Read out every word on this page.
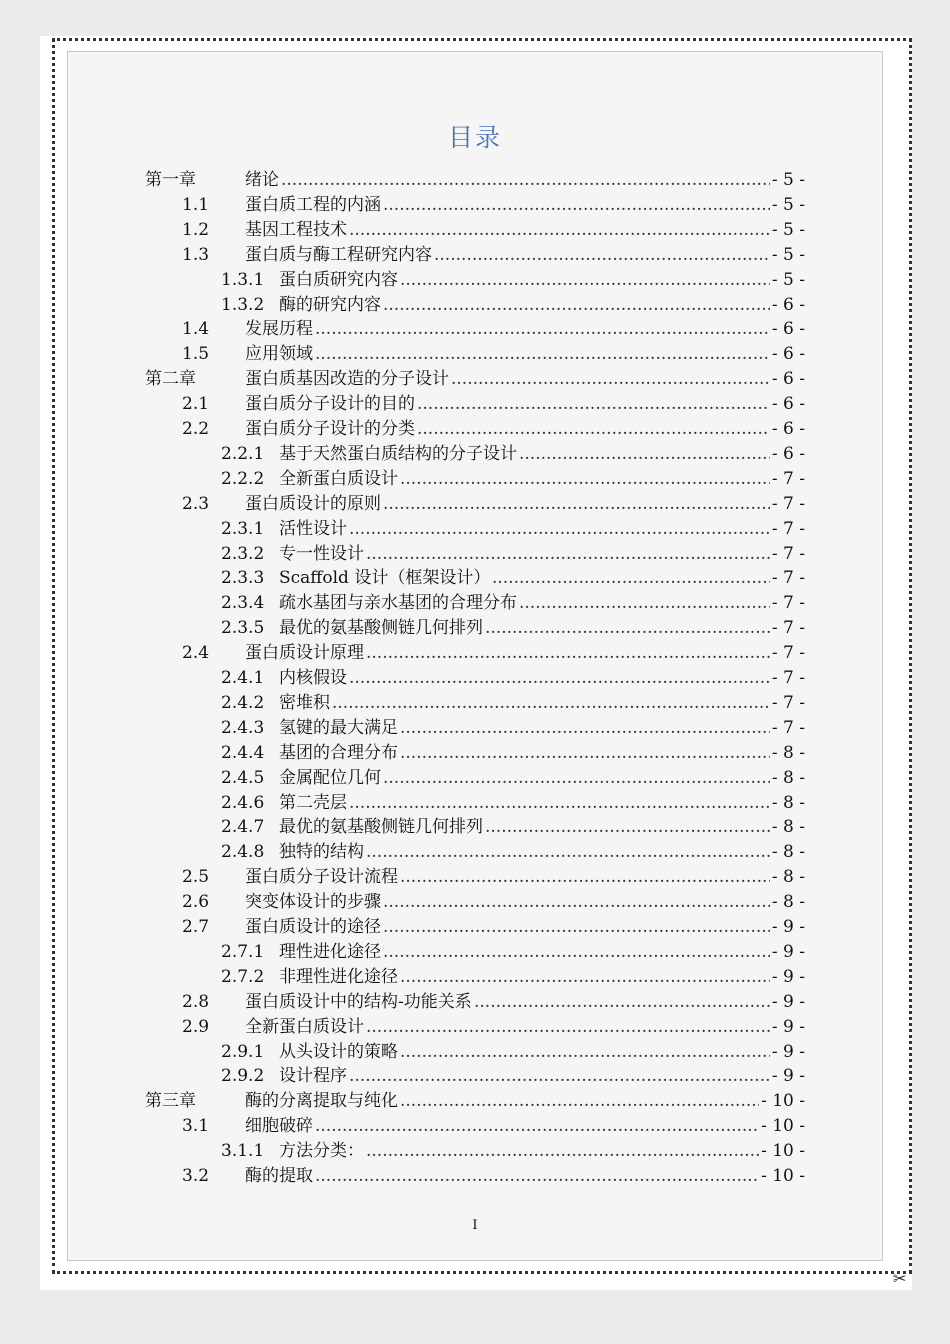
目录
第一章	绪论 .....	- 5 -
1.1 蛋白质工程的内涵 .....	- 5 -
1.2 基因工程技术 .....	- 5 -
1.3 蛋白质与酶工程研究内容 .....	- 5 -
1.3.1 蛋白质研究内容 .....	- 5 -
1.3.2 酶的研究内容 .....	- 6 -
1.4 发展历程 .....	- 6 -
1.5 应用领域 .....	- 6 -
第二章	蛋白质基因改造的分子设计 .....	- 6 -
2.1 蛋白质分子设计的目的 .....	- 6 -
2.2 蛋白质分子设计的分类 .....	- 6 -
2.2.1 基于天然蛋白质结构的分子设计 .....	- 6 -
2.2.2 全新蛋白质设计 .....	- 7 -
2.3 蛋白质设计的原则 .....	- 7 -
2.3.1 活性设计 .....	- 7 -
2.3.2 专一性设计 .....	- 7 -
2.3.3 Scaffold 设计（框架设计） .....	- 7 -
2.3.4 疏水基团与亲水基团的合理分布 .....	- 7 -
2.3.5 最优的氨基酸侧链几何排列 .....	- 7 -
2.4 蛋白质设计原理 .....	- 7 -
2.4.1 内核假设 .....	- 7 -
2.4.2 密堆积 .....	- 7 -
2.4.3 氢键的最大满足 .....	- 7 -
2.4.4 基团的合理分布 .....	- 8 -
2.4.5 金属配位几何 .....	- 8 -
2.4.6 第二壳层 .....	- 8 -
2.4.7 最优的氨基酸侧链几何排列 .....	- 8 -
2.4.8 独特的结构 .....	- 8 -
2.5 蛋白质分子设计流程 .....	- 8 -
2.6 突变体设计的步骤 .....	- 8 -
2.7 蛋白质设计的途径 .....	- 9 -
2.7.1 理性进化途径 .....	- 9 -
2.7.2 非理性进化途径 .....	- 9 -
2.8 蛋白质设计中的结构-功能关系 .....	- 9 -
2.9 全新蛋白质设计 .....	- 9 -
2.9.1 从头设计的策略 .....	- 9 -
2.9.2 设计程序 .....	- 9 -
第三章	酶的分离提取与纯化 .....	- 10 -
3.1 细胞破碎 .....	- 10 -
3.1.1 方法分类： .....	- 10 -
3.2 酶的提取 .....	- 10 -
I
✂
